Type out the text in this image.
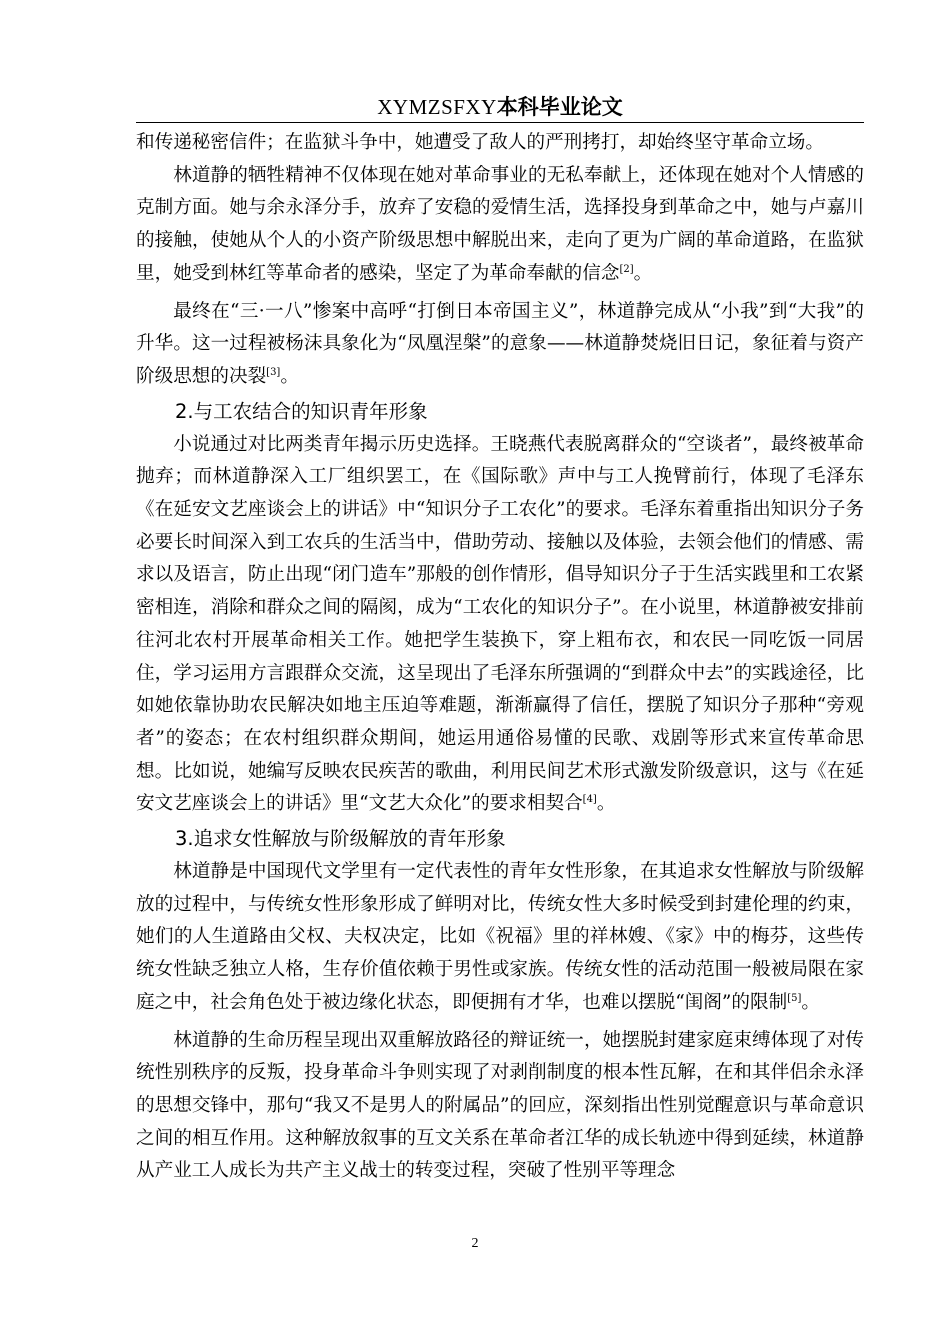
XYMZSFXY本科毕业论文

和传递秘密信件；在监狱斗争中，她遭受了敌人的严刑拷打，却始终坚守革命立场。

林道静的牺牲精神不仅体现在她对革命事业的无私奉献上，还体现在她对个人情感的克制方面。她与余永泽分手，放弃了安稳的爱情生活，选择投身到革命之中，她与卢嘉川的接触，使她从个人的小资产阶级思想中解脱出来，走向了更为广阔的革命道路，在监狱里，她受到林红等革命者的感染，坚定了为革命奉献的信念[2]。

最终在“三·一八”惨案中高呼“打倒日本帝国主义”，林道静完成从“小我”到“大我”的升华。这一过程被杨沫具象化为“凤凰涅槃”的意象——林道静焚烧旧日记，象征着与资产阶级思想的决裂[3]。

2.与工农结合的知识青年形象

小说通过对比两类青年揭示历史选择。王晓燕代表脱离群众的“空谈者”，最终被革命抛弃；而林道静深入工厂组织罢工，在《国际歌》声中与工人挽臂前行，体现了毛泽东《在延安文艺座谈会上的讲话》中“知识分子工农化”的要求。毛泽东着重指出知识分子务必要长时间深入到工农兵的生活当中，借助劳动、接触以及体验，去领会他们的情感、需求以及语言，防止出现“闭门造车”那般的创作情形，倡导知识分子于生活实践里和工农紧密相连，消除和群众之间的隔阂，成为“工农化的知识分子”。在小说里，林道静被安排前往河北农村开展革命相关工作。她把学生装换下，穿上粗布衣，和农民一同吃饭一同居住，学习运用方言跟群众交流，这呈现出了毛泽东所强调的“到群众中去”的实践途径，比如她依靠协助农民解决如地主压迫等难题，渐渐赢得了信任，摆脱了知识分子那种“旁观者”的姿态；在农村组织群众期间，她运用通俗易懂的民歌、戏剧等形式来宣传革命思想。比如说，她编写反映农民疾苦的歌曲，利用民间艺术形式激发阶级意识，这与《在延安文艺座谈会上的讲话》里“文艺大众化”的要求相契合[4]。

3.追求女性解放与阶级解放的青年形象

林道静是中国现代文学里有一定代表性的青年女性形象，在其追求女性解放与阶级解放的过程中，与传统女性形象形成了鲜明对比，传统女性大多时候受到封建伦理的约束，她们的人生道路由父权、夫权决定，比如《祝福》里的祥林嫂、《家》中的梅芬，这些传统女性缺乏独立人格，生存价值依赖于男性或家族。传统女性的活动范围一般被局限在家庭之中，社会角色处于被边缘化状态，即便拥有才华，也难以摆脱“闺阁”的限制[5]。

林道静的生命历程呈现出双重解放路径的辩证统一，她摆脱封建家庭束缚体现了对传统性别秩序的反叛，投身革命斗争则实现了对剥削制度的根本性瓦解，在和其伴侣余永泽的思想交锋中，那句“我又不是男人的附属品”的回应，深刻指出性别觉醒意识与革命意识之间的相互作用。这种解放叙事的互文关系在革命者江华的成长轨迹中得到延续，林道静从产业工人成长为共产主义战士的转变过程，突破了性别平等理念

2
